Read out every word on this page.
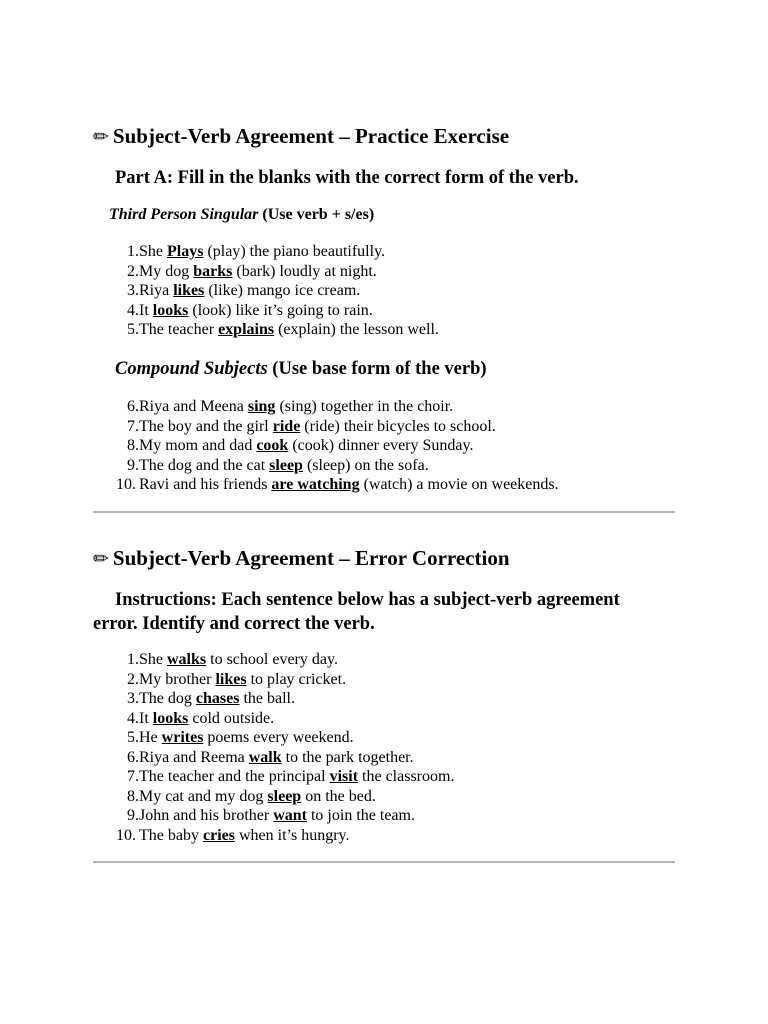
✏ Subject-Verb Agreement – Practice Exercise
Part A: Fill in the blanks with the correct form of the verb.
Third Person Singular (Use verb + s/es)
1. She Plays (play) the piano beautifully.
2. My dog barks (bark) loudly at night.
3. Riya likes (like) mango ice cream.
4. It looks (look) like it’s going to rain.
5. The teacher explains (explain) the lesson well.
Compound Subjects (Use base form of the verb)
6. Riya and Meena sing (sing) together in the choir.
7. The boy and the girl ride (ride) their bicycles to school.
8. My mom and dad cook (cook) dinner every Sunday.
9. The dog and the cat sleep (sleep) on the sofa.
10. Ravi and his friends are watching (watch) a movie on weekends.
✏ Subject-Verb Agreement – Error Correction

Instructions: Each sentence below has a subject-verb agreement error. Identify and correct the verb.

1. She walks to school every day.
2. My brother likes to play cricket.
3. The dog chases the ball.
4. It looks cold outside.
5. He writes poems every weekend.
6. Riya and Reema walk to the park together.
7. The teacher and the principal visit the classroom.
8. My cat and my dog sleep on the bed.
9. John and his brother want to join the team.
10. The baby cries when it’s hungry.
